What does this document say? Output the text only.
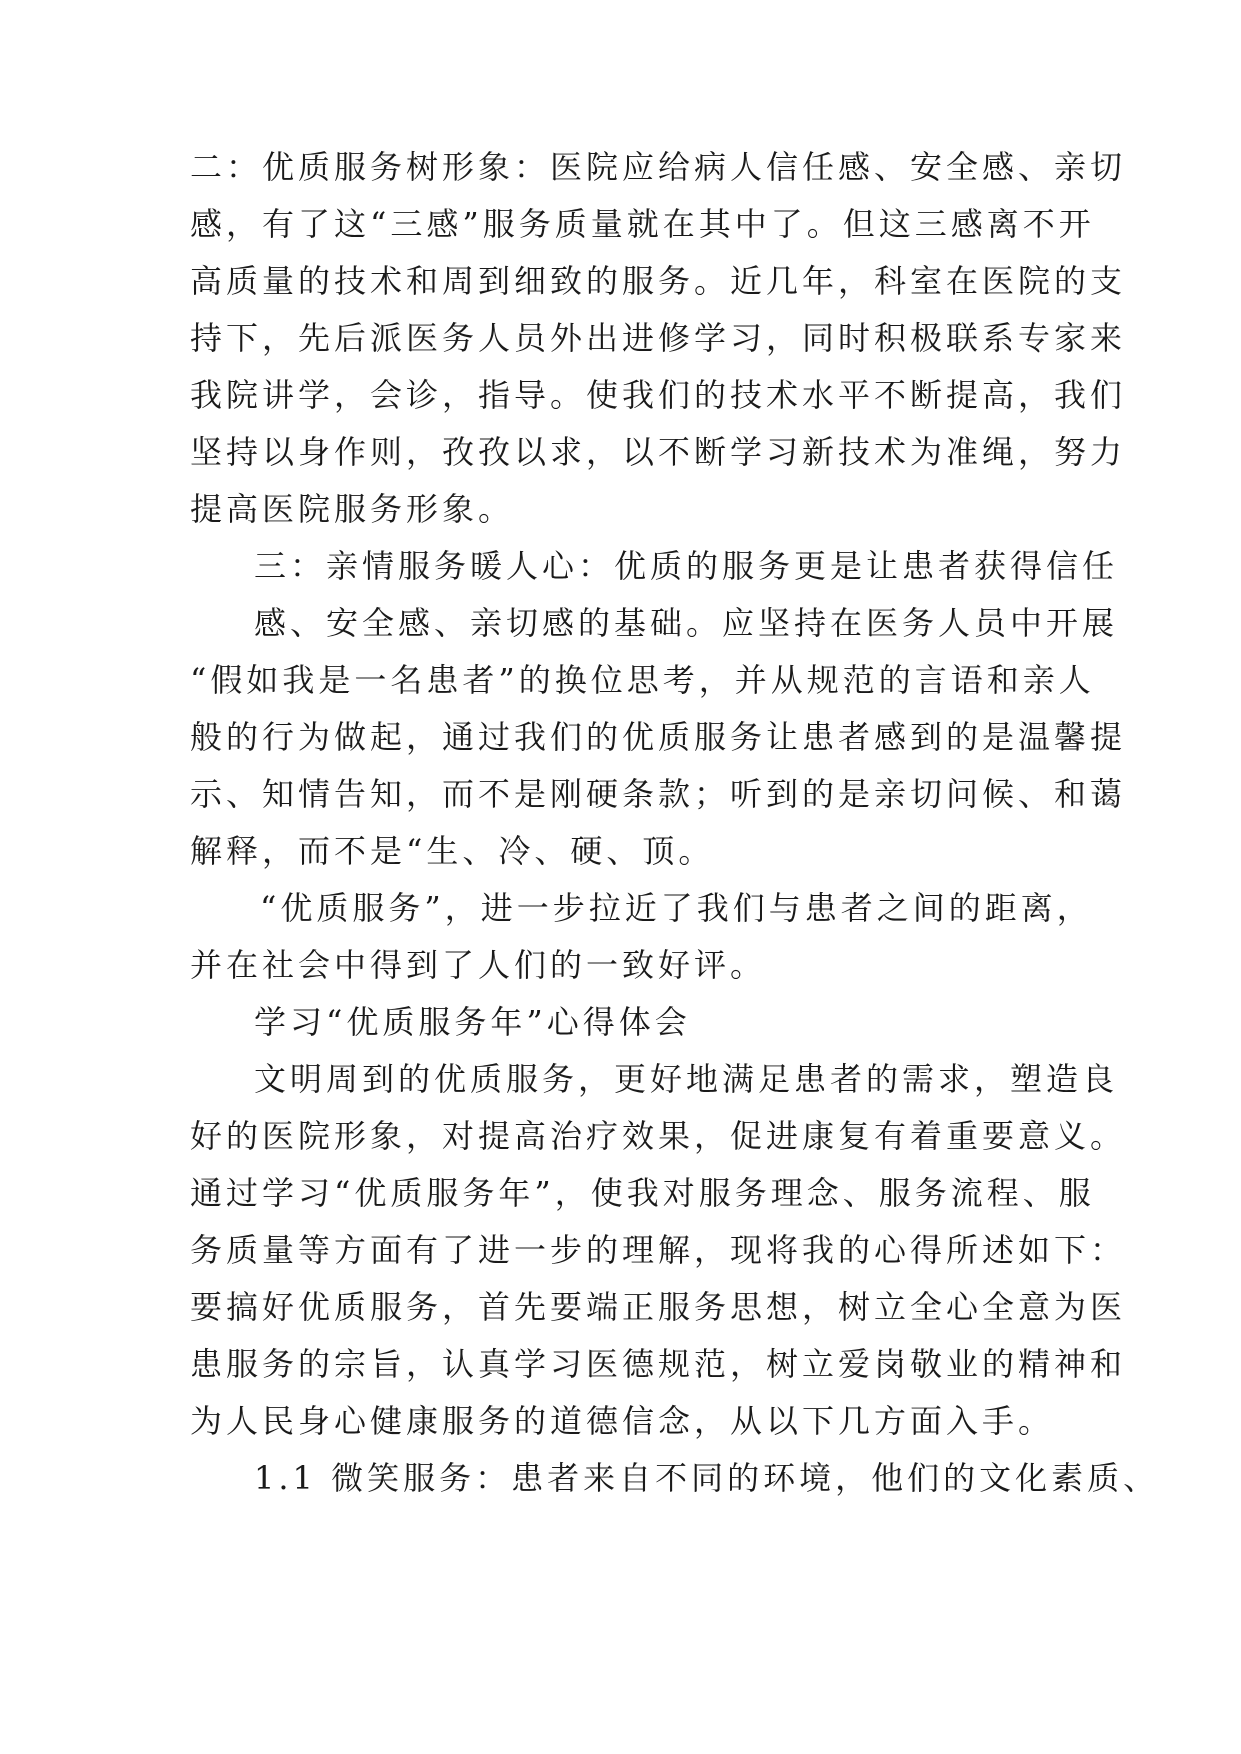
二：优质服务树形象：医院应给病人信任感、安全感、亲切
感，有了这“三感”服务质量就在其中了。但这三感离不开
高质量的技术和周到细致的服务。近几年，科室在医院的支
持下，先后派医务人员外出进修学习，同时积极联系专家来
我院讲学，会诊，指导。使我们的技术水平不断提高，我们
坚持以身作则，孜孜以求，以不断学习新技术为准绳，努力
提高医院服务形象。
三：亲情服务暖人心：优质的服务更是让患者获得信任
感、安全感、亲切感的基础。应坚持在医务人员中开展
“假如我是一名患者”的换位思考，并从规范的言语和亲人
般的行为做起，通过我们的优质服务让患者感到的是温馨提
示、知情告知，而不是刚硬条款；听到的是亲切问候、和蔼
解释，而不是“生、冷、硬、顶。
“优质服务”，进一步拉近了我们与患者之间的距离，
并在社会中得到了人们的一致好评。
学习“优质服务年”心得体会
文明周到的优质服务，更好地满足患者的需求，塑造良
好的医院形象，对提高治疗效果，促进康复有着重要意义。
通过学习“优质服务年”，使我对服务理念、服务流程、服
务质量等方面有了进一步的理解，现将我的心得所述如下：
要搞好优质服务，首先要端正服务思想，树立全心全意为医
患服务的宗旨，认真学习医德规范，树立爱岗敬业的精神和
为人民身心健康服务的道德信念，从以下几方面入手。
1.1 微笑服务：患者来自不同的环境，他们的文化素质、
